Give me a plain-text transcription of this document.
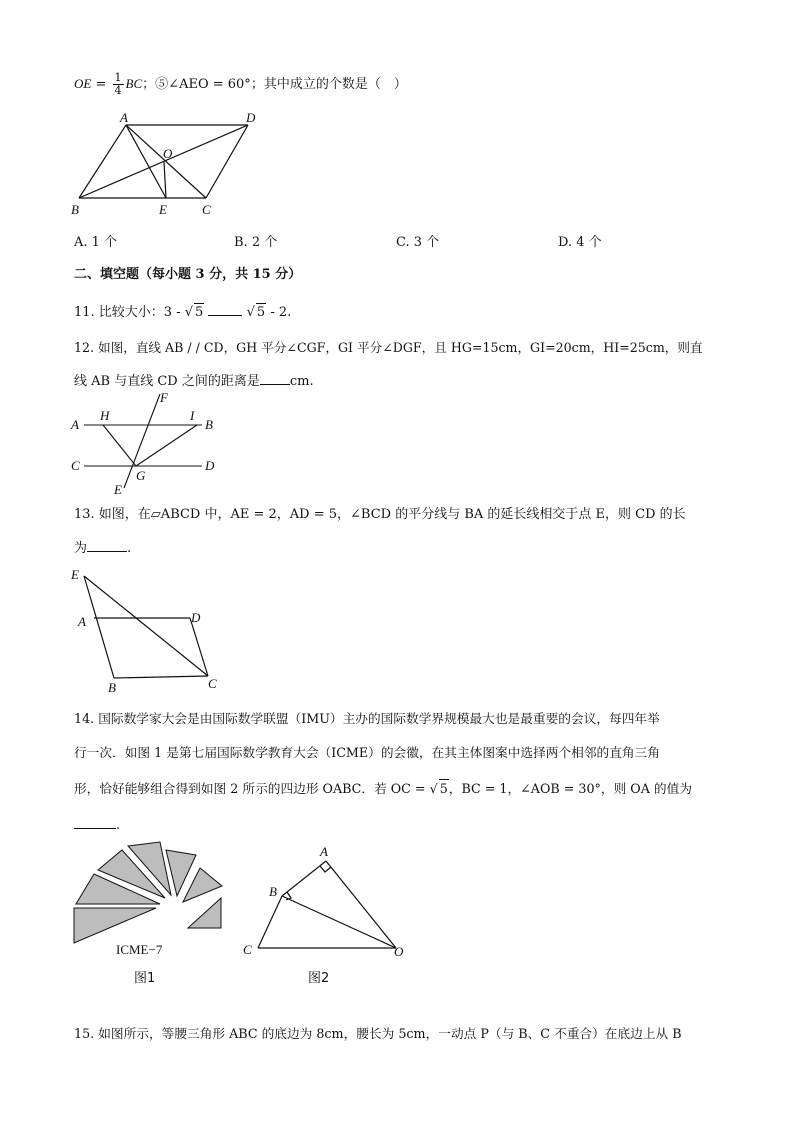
OE = $\frac{1}{4}$ BC；⑤∠AEO = 60°；其中成立的个数是（　）
A	D
O
B	E	C
A. 1 个	B. 2 个	C. 3 个	D. 4 个
二、填空题（每小题 3 分，共 15 分）
11. 比较大小：3 - √ 5	√ 5 - 2.
12. 如图，直线 AB / / CD，GH 平分∠CGF，GI 平分∠DGF，且 HG=15cm，GI=20cm，HI=25cm，则直
线 AB 与直线 CD 之间的距离是 cm.
F
H	I
A	B
C
G
D
E
13. 如图，在▱ABCD 中，AE = 2，AD = 5，∠BCD 的平分线与 BA 的延长线相交于点 E，则 CD 的长
为	.
E
A	D
B	C
14. 国际数学家大会是由国际数学联盟（IMU）主办的国际数学界规模最大也是最重要的会议，每四年举
行一次．如图 1 是第七届国际数学教育大会（ICME）的会徽，在其主体图案中选择两个相邻的直角三角
形，恰好能够组合得到如图 2 所示的四边形 OABC．若 OC = √ 5，BC = 1，∠AOB = 30°，则 OA 的值为
.
ICME−7
图1
A
B
C	O
图2
15. 如图所示，等腰三角形 ABC 的底边为 8cm，腰长为 5cm，一动点 P（与 B、C 不重合）在底边上从 B
